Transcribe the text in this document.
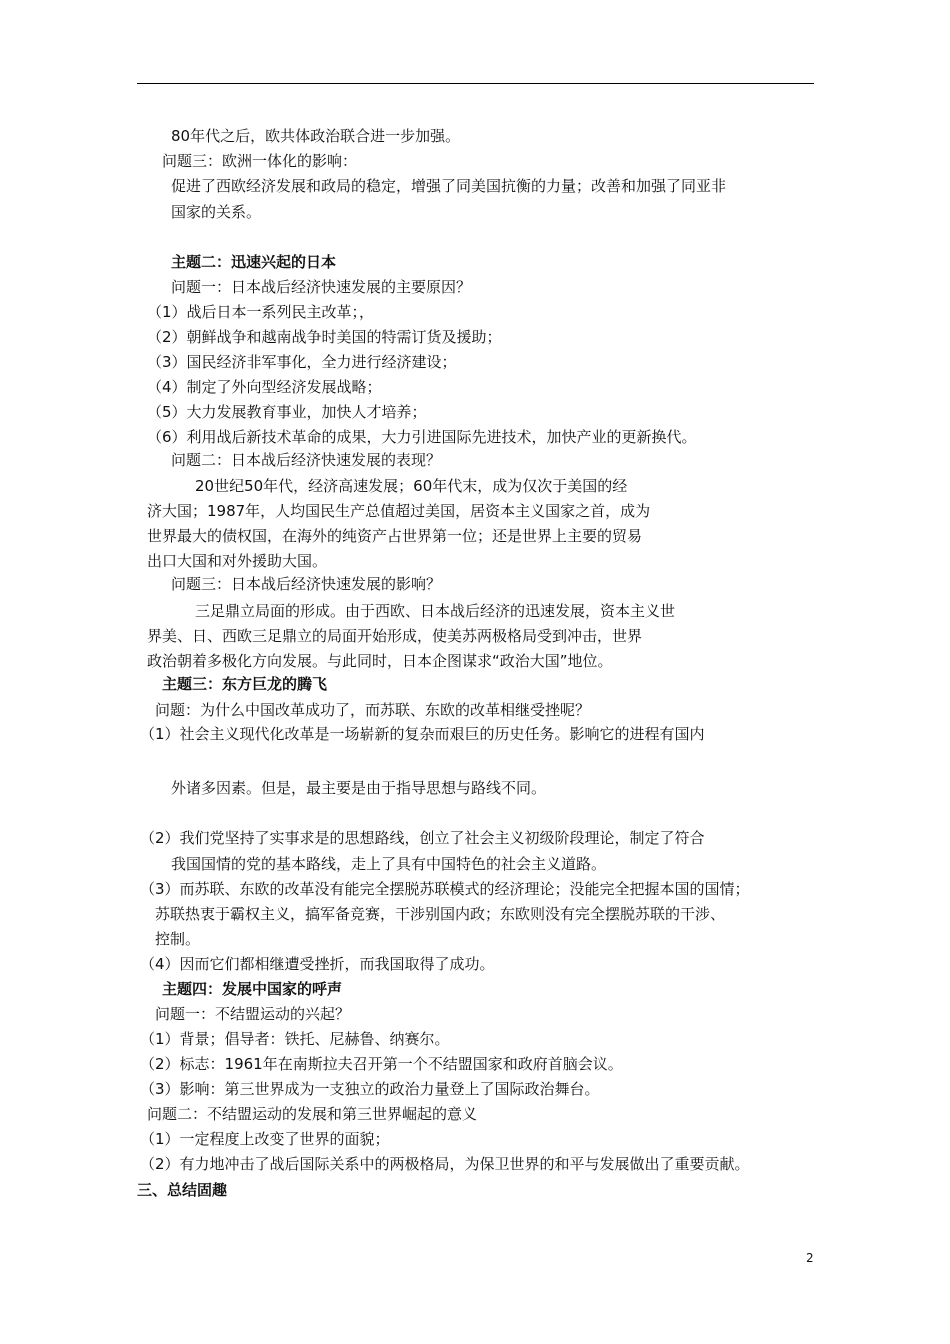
80年代之后，欧共体政治联合进一步加强。

问题三：欧洲一体化的影响：

促进了西欧经济发展和政局的稳定，增强了同美国抗衡的力量；改善和加强了同亚非

国家的关系。

主题二：迅速兴起的日本

问题一：日本战后经济快速发展的主要原因？

（1）战后日本一系列民主改革；，

（2）朝鲜战争和越南战争时美国的特需订货及援助；

（3）国民经济非军事化，全力进行经济建设；

（4）制定了外向型经济发展战略；

（5）大力发展教育事业，加快人才培养；

（6）利用战后新技术革命的成果，大力引进国际先进技术，加快产业的更新换代。

问题二：日本战后经济快速发展的表现？

20世纪50年代，经济高速发展；60年代末，成为仅次于美国的经

济大国；1987年，人均国民生产总值超过美国，居资本主义国家之首，成为

世界最大的债权国，在海外的纯资产占世界第一位；还是世界上主要的贸易

出口大国和对外援助大国。

问题三：日本战后经济快速发展的影响？

三足鼎立局面的形成。由于西欧、日本战后经济的迅速发展，资本主义世

界美、日、西欧三足鼎立的局面开始形成，使美苏两极格局受到冲击，世界

政治朝着多极化方向发展。与此同时，日本企图谋求“政治大国”地位。

主题三：东方巨龙的腾飞

问题：为什么中国改革成功了，而苏联、东欧的改革相继受挫呢？

（1）社会主义现代化改革是一场崭新的复杂而艰巨的历史任务。影响它的进程有国内

外诸多因素。但是，最主要是由于指导思想与路线不同。

（2）我们党坚持了实事求是的思想路线，创立了社会主义初级阶段理论，制定了符合

我国国情的党的基本路线，走上了具有中国特色的社会主义道路。

（3）而苏联、东欧的改革没有能完全摆脱苏联模式的经济理论；没能完全把握本国的国情；

苏联热衷于霸权主义，搞军备竞赛，干涉别国内政；东欧则没有完全摆脱苏联的干涉、

控制。

（4）因而它们都相继遭受挫折，而我国取得了成功。

主题四：发展中国家的呼声

问题一：不结盟运动的兴起？

（1）背景；倡导者：铁托、尼赫鲁、纳赛尔。

（2）标志：1961年在南斯拉夫召开第一个不结盟国家和政府首脑会议。

（3）影响：第三世界成为一支独立的政治力量登上了国际政治舞台。

问题二：不结盟运动的发展和第三世界崛起的意义

（1）一定程度上改变了世界的面貌；

（2）有力地冲击了战后国际关系中的两极格局，为保卫世界的和平与发展做出了重要贡献。

三、总结固趣

2
